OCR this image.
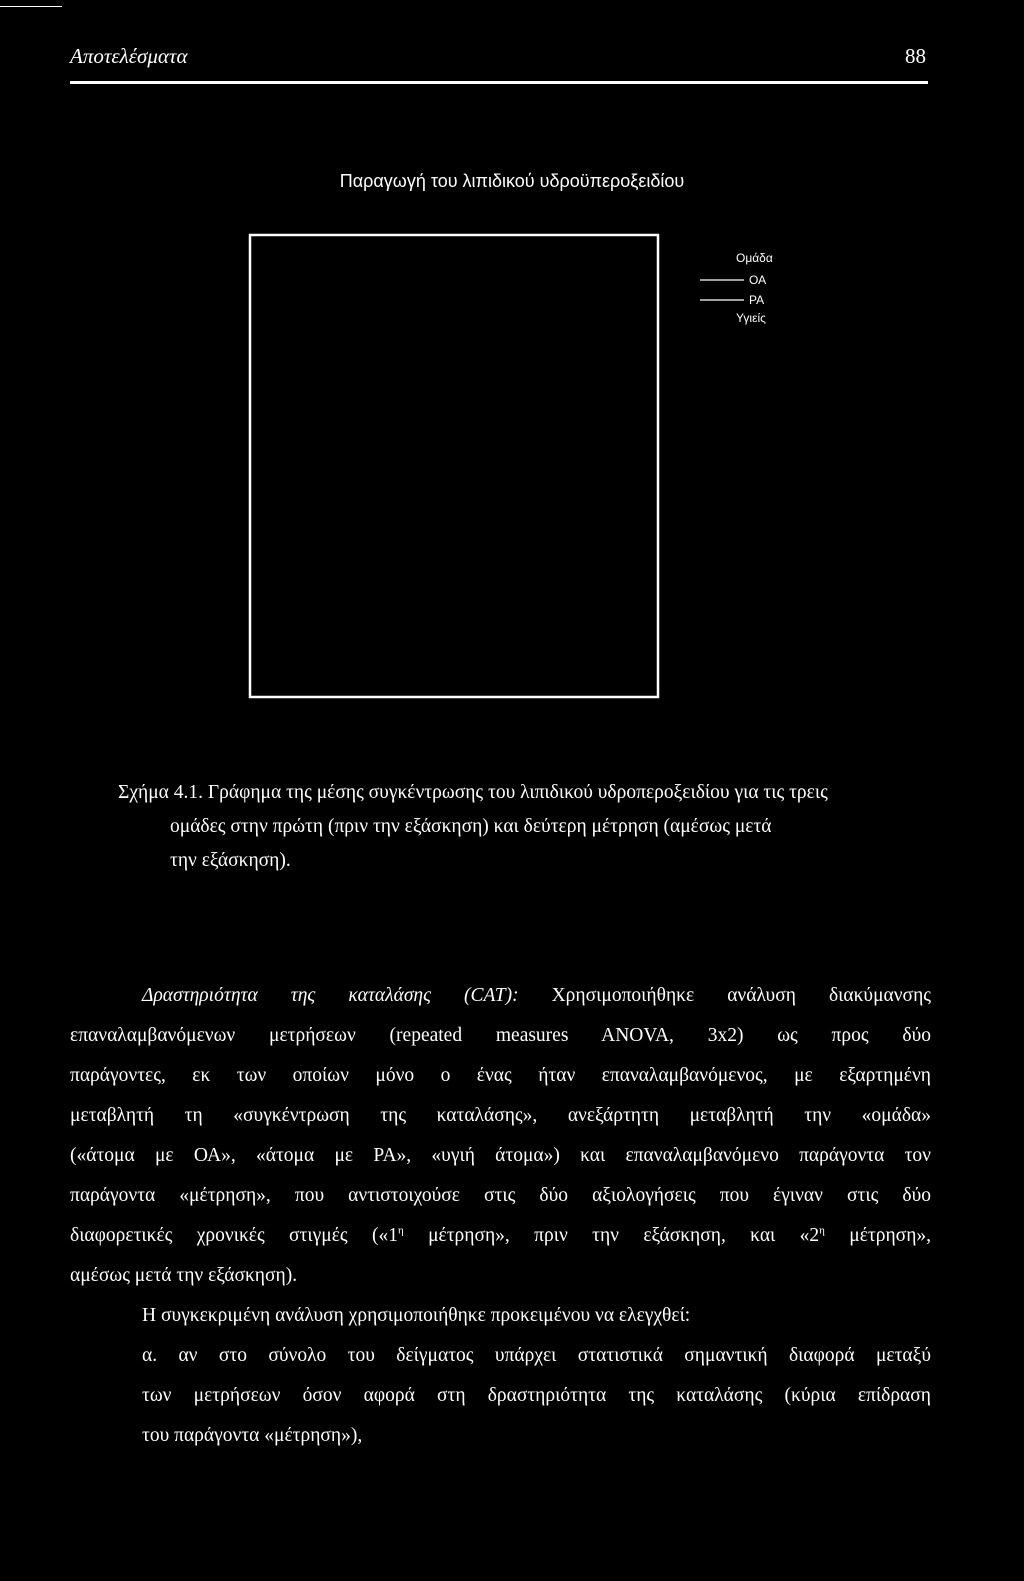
Αποτελέσματα	88
Παραγωγή του λιπιδικού υδροϋπεροξειδίου
Ομάδα
ΟΑ
ΡΑ
Υγιείς
Σχήμα 4.1. Γράφημα της μέσης συγκέντρωσης του λιπιδικού υδροπεροξειδίου για τις τρεις
ομάδες στην πρώτη (πριν την εξάσκηση) και δεύτερη μέτρηση (αμέσως μετά
την εξάσκηση).
Δραστηριότητα της καταλάσης (CAT): Χρησιμοποιήθηκε ανάλυση διακύμανσης
επαναλαμβανόμενων μετρήσεων (repeated measures ANOVA, 3x2) ως προς δύο
παράγοντες, εκ των οποίων μόνο ο ένας ήταν επαναλαμβανόμενος, με εξαρτημένη
μεταβλητή τη «συγκέντρωση της καταλάσης», ανεξάρτητη μεταβλητή την «ομάδα»
(«άτομα με ΟΑ», «άτομα με ΡΑ», «υγιή άτομα») και επαναλαμβανόμενο παράγοντα τον
παράγοντα «μέτρηση», που αντιστοιχούσε στις δύο αξιολογήσεις που έγιναν στις δύο
διαφορετικές χρονικές στιγμές («$1^\eta$ μέτρηση», πριν την εξάσκηση, και «$2^\eta$ μέτρηση»,
αμέσως μετά την εξάσκηση).
Η συγκεκριμένη ανάλυση χρησιμοποιήθηκε προκειμένου να ελεγχθεί:
α. αν στο σύνολο του δείγματος υπάρχει στατιστικά σημαντική διαφορά μεταξύ
των μετρήσεων όσον αφορά στη δραστηριότητα της καταλάσης (κύρια επίδραση
του παράγοντα «μέτρηση»),
